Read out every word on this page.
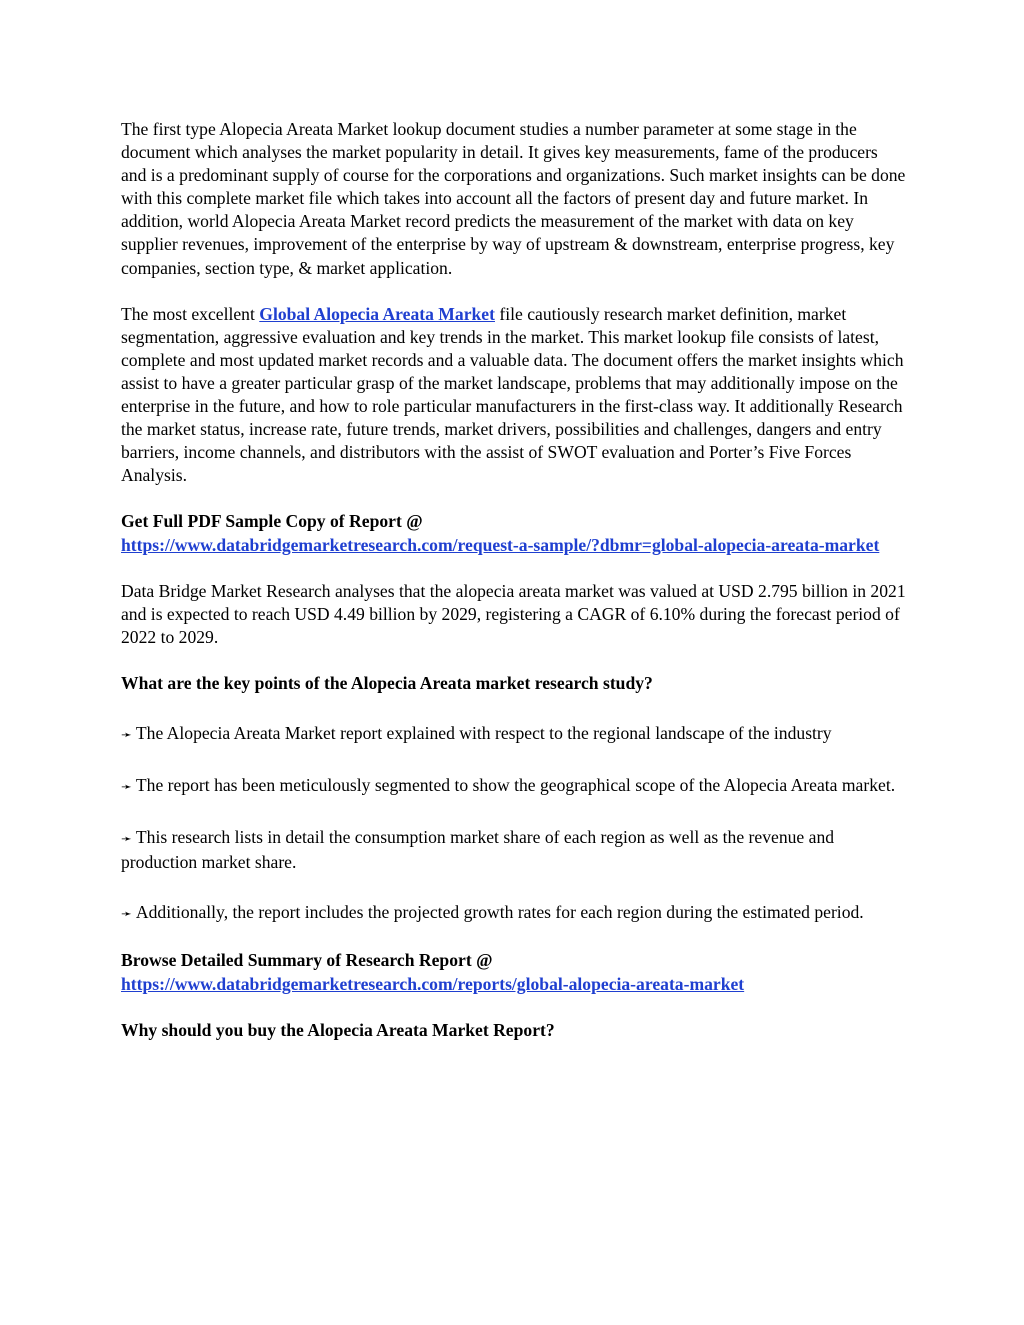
The first type Alopecia Areata Market lookup document studies a number parameter at some stage in the document which analyses the market popularity in detail. It gives key measurements, fame of the producers and is a predominant supply of course for the corporations and organizations. Such market insights can be done with this complete market file which takes into account all the factors of present day and future market. In addition, world Alopecia Areata Market record predicts the measurement of the market with data on key supplier revenues, improvement of the enterprise by way of upstream & downstream, enterprise progress, key companies, section type, & market application.

The most excellent Global Alopecia Areata Market file cautiously research market definition, market segmentation, aggressive evaluation and key trends in the market. This market lookup file consists of latest, complete and most updated market records and a valuable data. The document offers the market insights which assist to have a greater particular grasp of the market landscape, problems that may additionally impose on the enterprise in the future, and how to role particular manufacturers in the first-class way. It additionally Research the market status, increase rate, future trends, market drivers, possibilities and challenges, dangers and entry barriers, income channels, and distributors with the assist of SWOT evaluation and Porter’s Five Forces Analysis.

Get Full PDF Sample Copy of Report @
https://www.databridgemarketresearch.com/request-a-sample/?dbmr=global-alopecia-areata-market

Data Bridge Market Research analyses that the alopecia areata market was valued at USD 2.795 billion in 2021 and is expected to reach USD 4.49 billion by 2029, registering a CAGR of 6.10% during the forecast period of 2022 to 2029.

What are the key points of the Alopecia Areata market research study?

➛ The Alopecia Areata Market report explained with respect to the regional landscape of the industry

➛ The report has been meticulously segmented to show the geographical scope of the Alopecia Areata market.

➛ This research lists in detail the consumption market share of each region as well as the revenue and production market share.

➛ Additionally, the report includes the projected growth rates for each region during the estimated period.

Browse Detailed Summary of Research Report @
https://www.databridgemarketresearch.com/reports/global-alopecia-areata-market
Why should you buy the Alopecia Areata Market Report?
